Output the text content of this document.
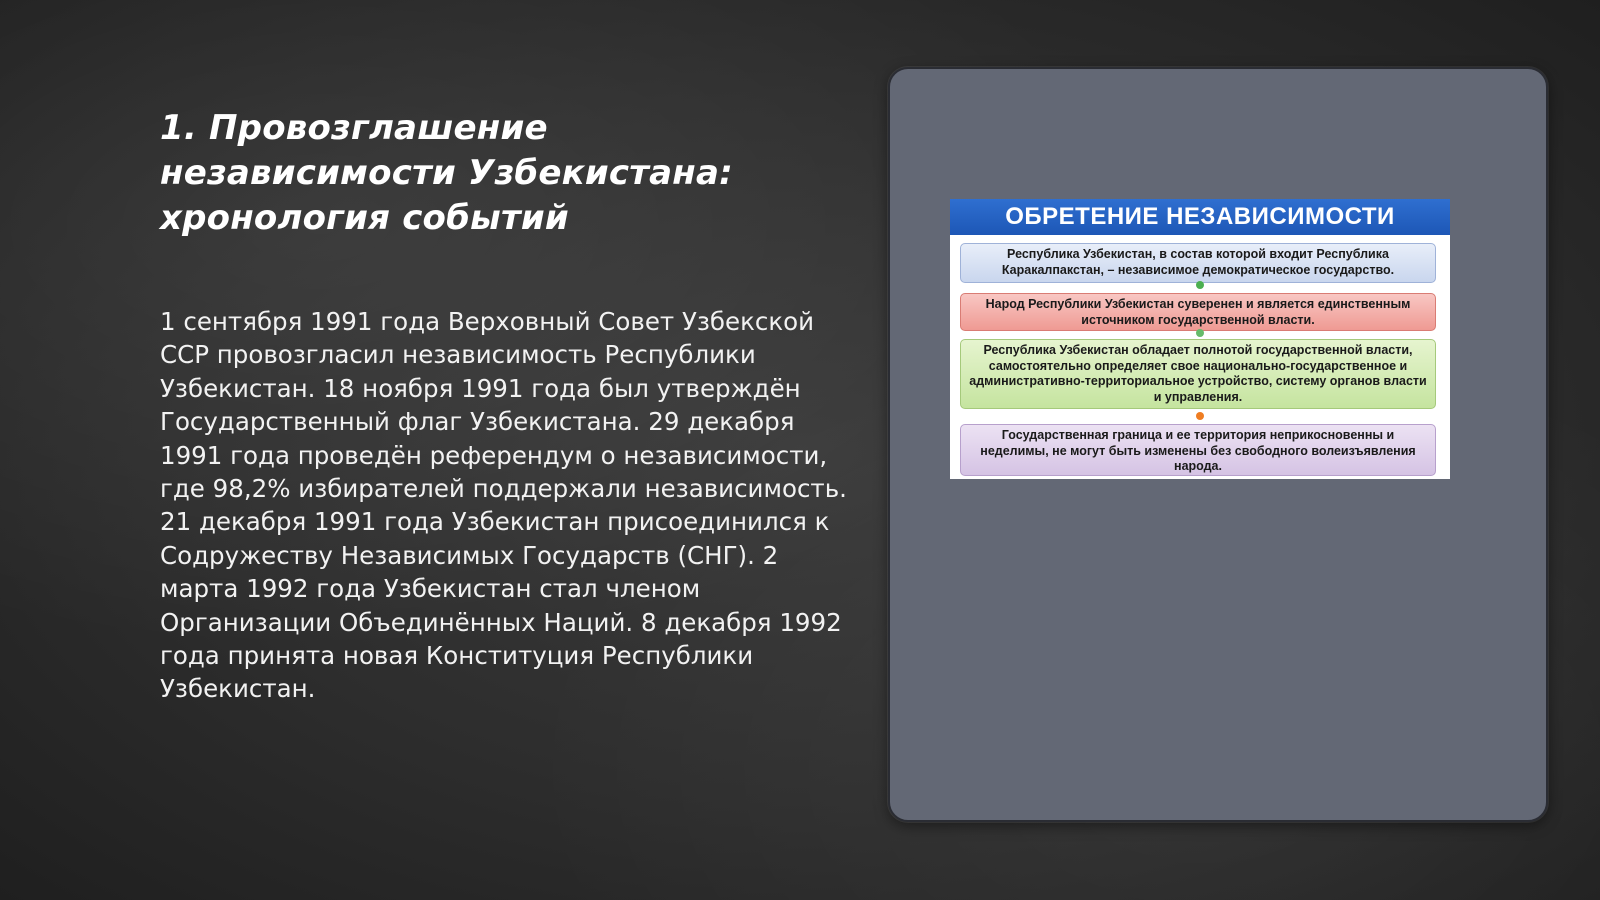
1. Провозглашение независимости Узбекистана: хронология событий

1 сентября 1991 года Верховный Совет Узбекской ССР провозгласил независимость Республики Узбекистан. 18 ноября 1991 года был утверждён Государственный флаг Узбекистана. 29 декабря 1991 года проведён референдум о независимости, где 98,2% избирателей поддержали независимость. 21 декабря 1991 года Узбекистан присоединился к Содружеству Независимых Государств (СНГ). 2 марта 1992 года Узбекистан стал членом Организации Объединённых Наций. 8 декабря 1992 года принята новая Конституция Республики Узбекистан.

ОБРЕТЕНИЕ НЕЗАВИСИМОСТИ
Республика Узбекистан, в состав которой входит Республика Каракалпакстан, – независимое демократическое государство.
Народ Республики Узбекистан суверенен и является единственным источником государственной власти.
Республика Узбекистан обладает полнотой государственной власти, самостоятельно определяет свое национально-государственное и административно-территориальное устройство, систему органов власти и управления.
Государственная граница и ее территория неприкосновенны и неделимы, не могут быть изменены без свободного волеизъявления народа.
